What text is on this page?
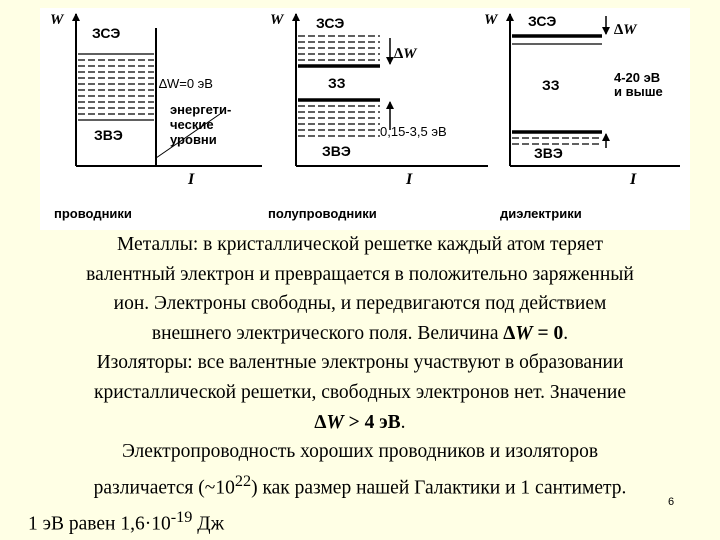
W
I
ЗСЭ
∆W=0 эВ
ЗВЭ
энергети-
ческие
уровни
проводники
W
I
ЗСЭ
ЗЗ
ЗВЭ
∆W
0,15-3,5 эВ
полупроводники
W
I
ЗСЭ
ЗЗ
ЗВЭ
∆W
4-20 эВ
и выше
диэлектрики

Металлы: в кристаллической решетке каждый атом теряет
валентный электрон и превращается в положительно заряженный
ион. Электроны свободны, и передвигаются под действием
внешнего электрического поля. Величина ∆W = 0.

Изоляторы: все валентные электроны участвуют в образовании
кристаллической решетки, свободных электронов нет. Значение
∆W > 4 эВ.

Электропроводность хороших проводников и изоляторов
различается $(\sim 10^{22})$ как размер нашей Галактики и 1 сантиметр.

1 эВ равен $1,6\cdot 10^{-19}$ Дж

6
